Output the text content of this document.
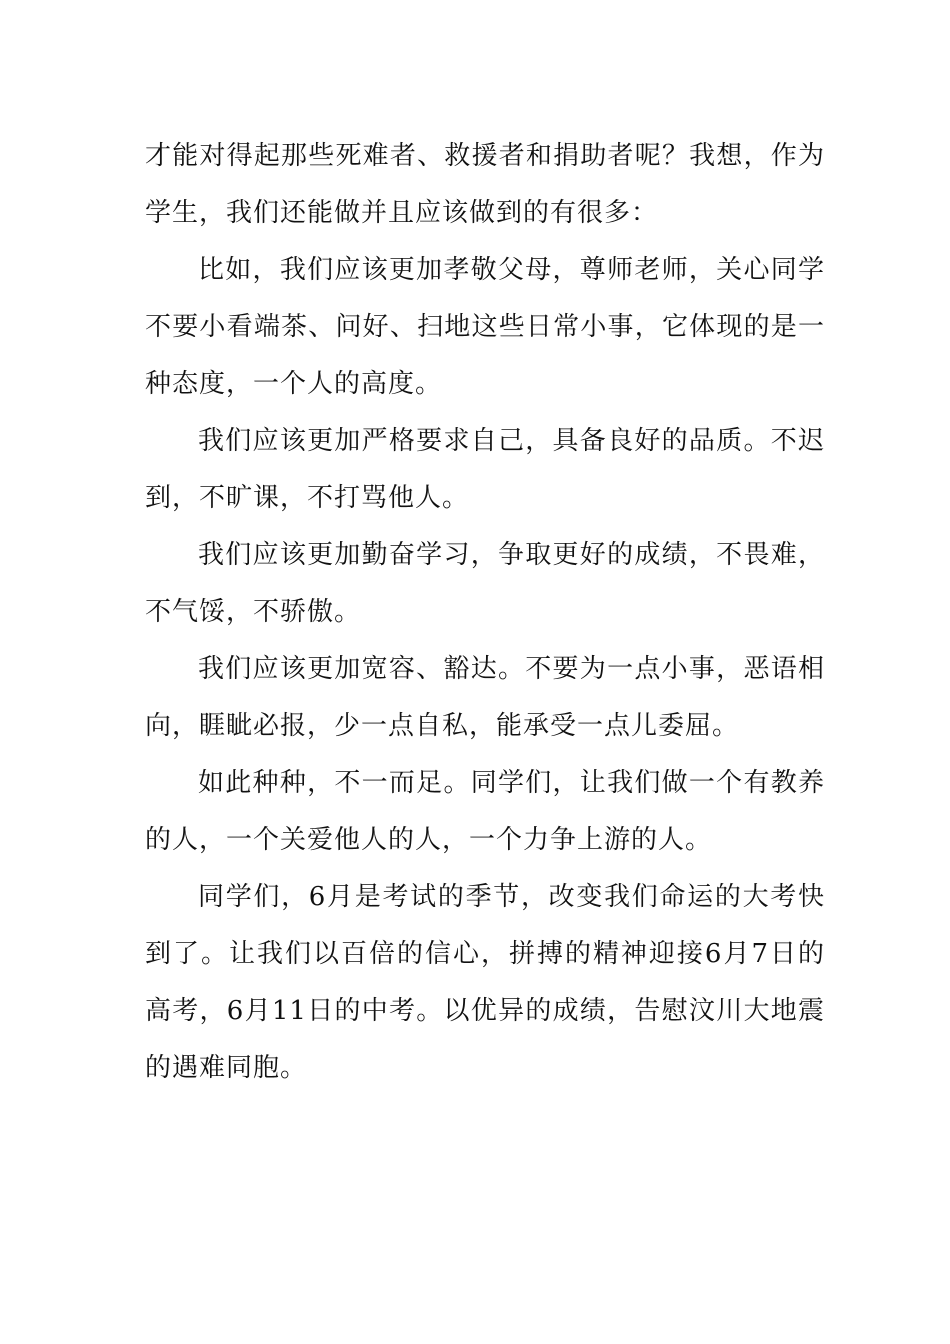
才能对得起那些死难者、救援者和捐助者呢？我想，作为学生，我们还能做并且应该做到的有很多：

比如，我们应该更加孝敬父母，尊师老师，关心同学不要小看端茶、问好、扫地这些日常小事，它体现的是一种态度，一个人的高度。

我们应该更加严格要求自己，具备良好的品质。不迟到，不旷课，不打骂他人。

我们应该更加勤奋学习，争取更好的成绩，不畏难，不气馁，不骄傲。

我们应该更加宽容、豁达。不要为一点小事，恶语相向，睚眦必报，少一点自私，能承受一点儿委屈。

如此种种，不一而足。同学们，让我们做一个有教养的人，一个关爱他人的人，一个力争上游的人。

同学们，6月是考试的季节，改变我们命运的大考快到了。让我们以百倍的信心，拼搏的精神迎接6月7日的高考，6月11日的中考。以优异的成绩，告慰汶川大地震的遇难同胞。
